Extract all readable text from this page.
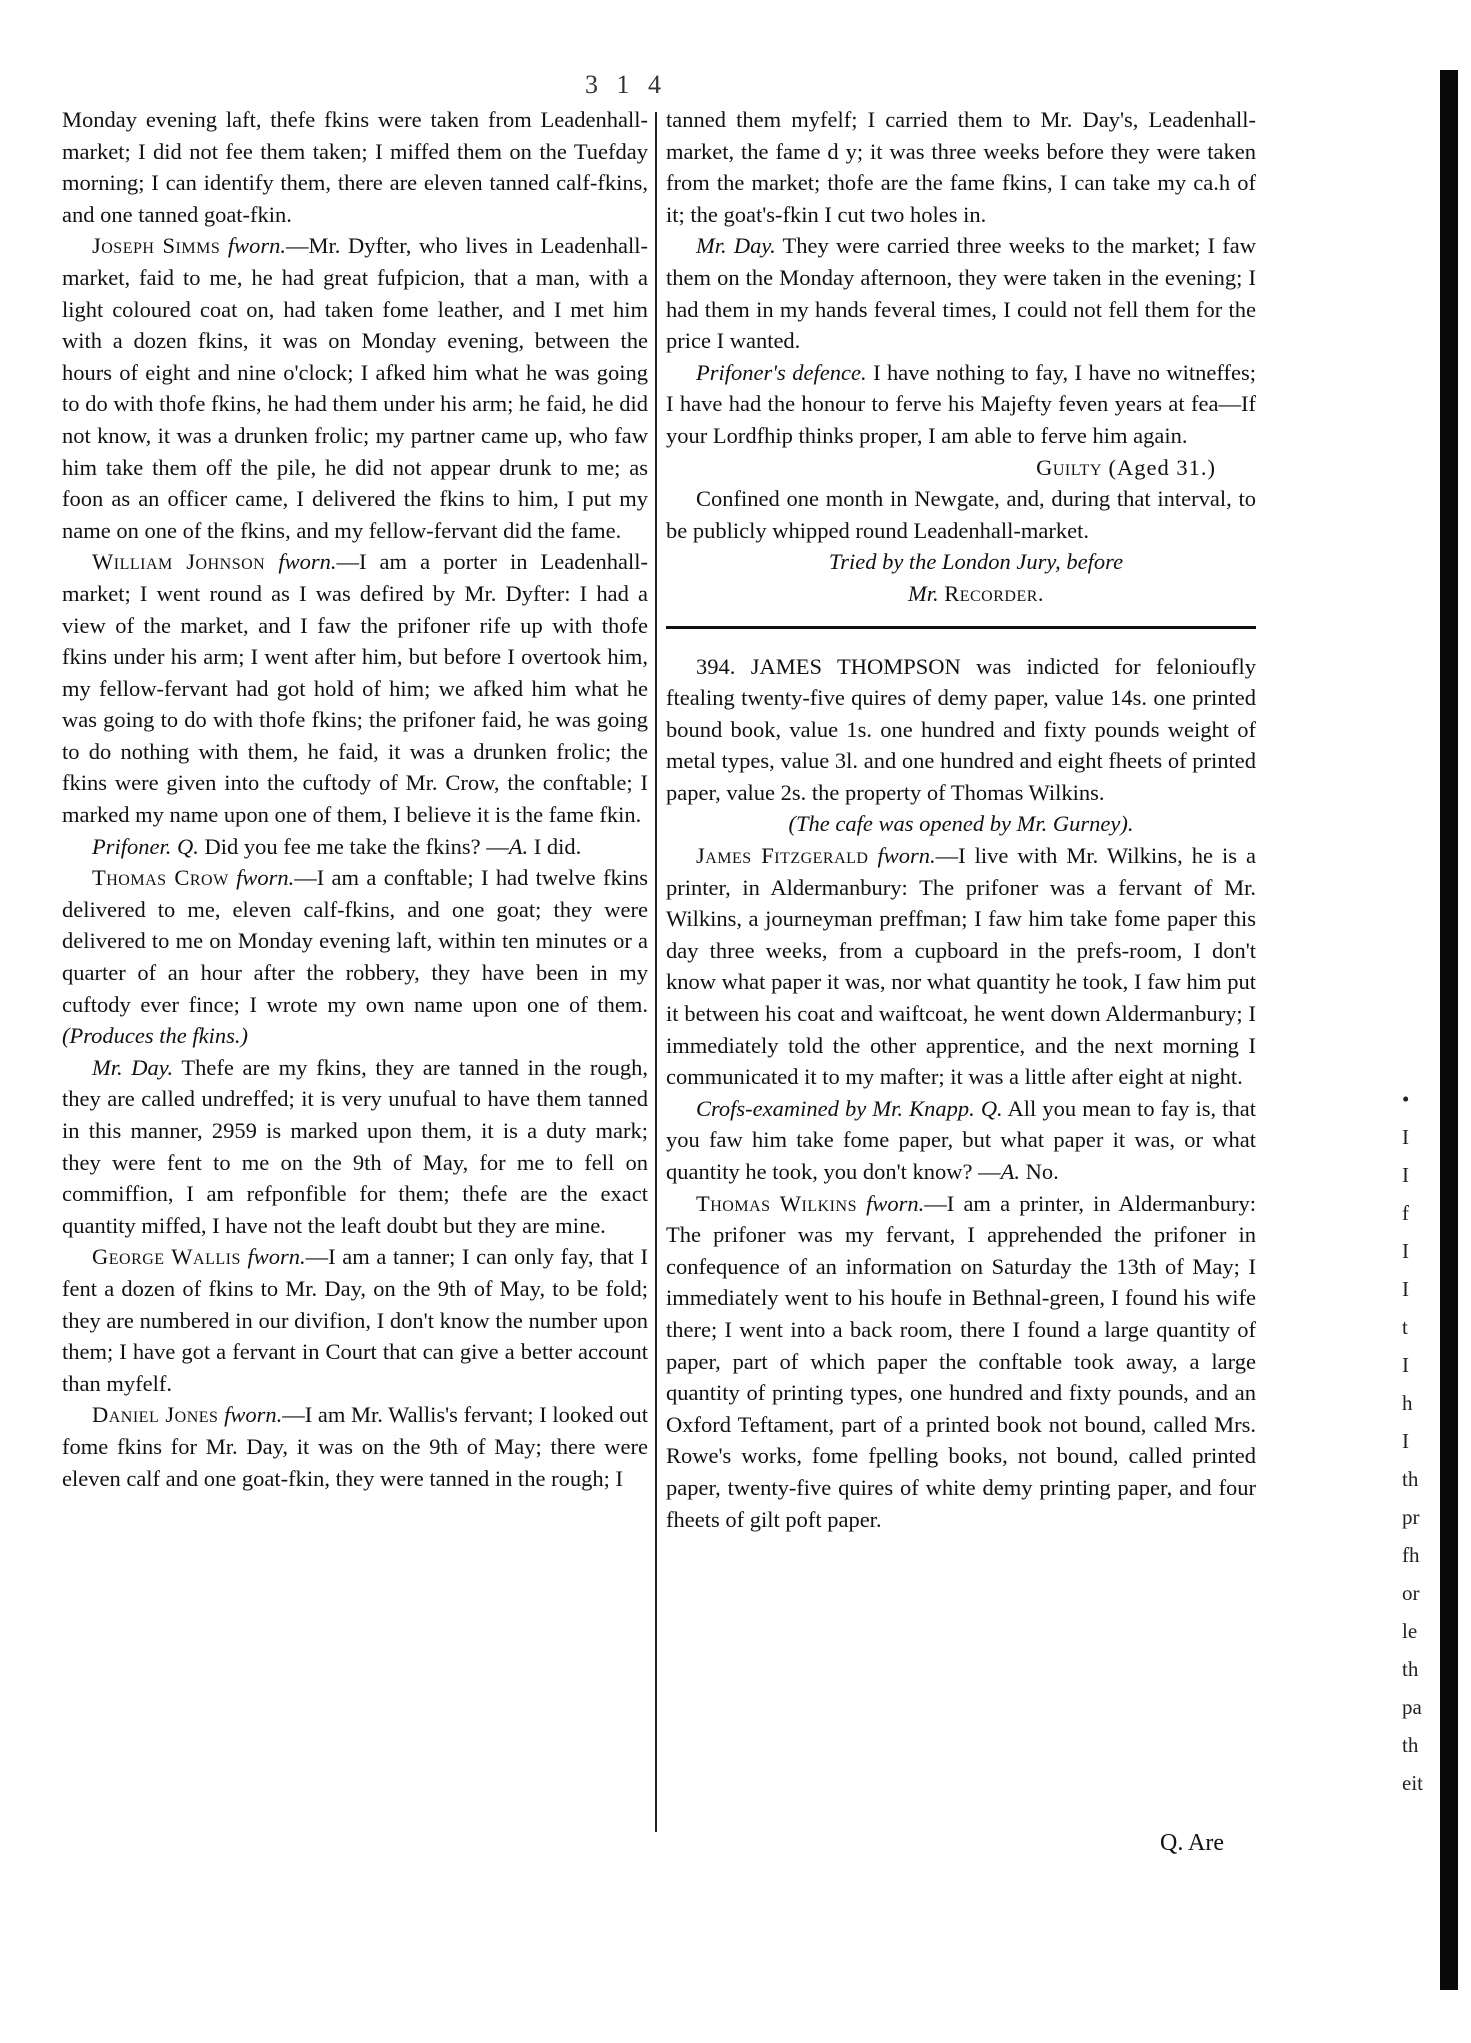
3 1 4

Monday evening laft, thefe fkins were taken from Leadenhall-market; I did not fee them taken; I miffed them on the Tuefday morning; I can identify them, there are eleven tanned calf-fkins, and one tanned goat-fkin.

Joseph Simms fworn.—Mr. Dyfter, who lives in Leadenhall-market, faid to me, he had great fufpicion, that a man, with a light coloured coat on, had taken fome leather, and I met him with a dozen fkins, it was on Monday evening, between the hours of eight and nine o'clock; I afked him what he was going to do with thofe fkins, he had them under his arm; he faid, he did not know, it was a drunken frolic; my partner came up, who faw him take them off the pile, he did not appear drunk to me; as foon as an officer came, I delivered the fkins to him, I put my name on one of the fkins, and my fellow-fervant did the fame.

William Johnson fworn.—I am a porter in Leadenhall-market; I went round as I was defired by Mr. Dyfter: I had a view of the market, and I faw the prifoner rife up with thofe fkins under his arm; I went after him, but before I overtook him, my fellow-fervant had got hold of him; we afked him what he was going to do with thofe fkins; the prifoner faid, he was going to do nothing with them, he faid, it was a drunken frolic; the fkins were given into the cuftody of Mr. Crow, the conftable; I marked my name upon one of them, I believe it is the fame fkin.

Prifoner. Q. Did you fee me take the fkins? —A. I did.

Thomas Crow fworn.—I am a conftable; I had twelve fkins delivered to me, eleven calf-fkins, and one goat; they were delivered to me on Monday evening laft, within ten minutes or a quarter of an hour after the robbery, they have been in my cuftody ever fince; I wrote my own name upon one of them. (Produces the fkins.)

Mr. Day. Thefe are my fkins, they are tanned in the rough, they are called undreffed; it is very unufual to have them tanned in this manner, 2959 is marked upon them, it is a duty mark; they were fent to me on the 9th of May, for me to fell on commiffion, I am refponfible for them; thefe are the exact quantity miffed, I have not the leaft doubt but they are mine.

George Wallis fworn.—I am a tanner; I can only fay, that I fent a dozen of fkins to Mr. Day, on the 9th of May, to be fold; they are numbered in our divifion, I don't know the number upon them; I have got a fervant in Court that can give a better account than myfelf.

Daniel Jones fworn.—I am Mr. Wallis's fervant; I looked out fome fkins for Mr. Day, it was on the 9th of May; there were eleven calf and one goat-fkin, they were tanned in the rough; I

tanned them myfelf; I carried them to Mr. Day's, Leadenhall-market, the fame d y; it was three weeks before they were taken from the market; thofe are the fame fkins, I can take my ca.h of it; the goat's-fkin I cut two holes in.

Mr. Day. They were carried three weeks to the market; I faw them on the Monday afternoon, they were taken in the evening; I had them in my hands feveral times, I could not fell them for the price I wanted.

Prifoner's defence. I have nothing to fay, I have no witneffes; I have had the honour to ferve his Majefty feven years at fea—If your Lordfhip thinks proper, I am able to ferve him again.

Guilty (Aged 31.)

Confined one month in Newgate, and, during that interval, to be publicly whipped round Leadenhall-market.

Tried by the London Jury, before

Mr. Recorder.

394. JAMES THOMPSON was indicted for felonioufly ftealing twenty-five quires of demy paper, value 14s. one printed bound book, value 1s. one hundred and fixty pounds weight of metal types, value 3l. and one hundred and eight fheets of printed paper, value 2s. the property of Thomas Wilkins.

(The cafe was opened by Mr. Gurney).

James Fitzgerald fworn.—I live with Mr. Wilkins, he is a printer, in Aldermanbury: The prifoner was a fervant of Mr. Wilkins, a journeyman preffman; I faw him take fome paper this day three weeks, from a cupboard in the prefs-room, I don't know what paper it was, nor what quantity he took, I faw him put it between his coat and waiftcoat, he went down Aldermanbury; I immediately told the other apprentice, and the next morning I communicated it to my mafter; it was a little after eight at night.

Crofs-examined by Mr. Knapp. Q. All you mean to fay is, that you faw him take fome paper, but what paper it was, or what quantity he took, you don't know? —A. No.

Thomas Wilkins fworn.—I am a printer, in Aldermanbury: The prifoner was my fervant, I apprehended the prifoner in confequence of an information on Saturday the 13th of May; I immediately went to his houfe in Bethnal-green, I found his wife there; I went into a back room, there I found a large quantity of paper, part of which paper the conftable took away, a large quantity of printing types, one hundred and fixty pounds, and an Oxford Teftament, part of a printed book not bound, called Mrs. Rowe's works, fome fpelling books, not bound, called printed paper, twenty-five quires of white demy printing paper, and four fheets of gilt poft paper.

Q. Are
•
I
I
f
I
I
t
I
h
I
th
pr
fh
or
le
th
pa
th
eit
